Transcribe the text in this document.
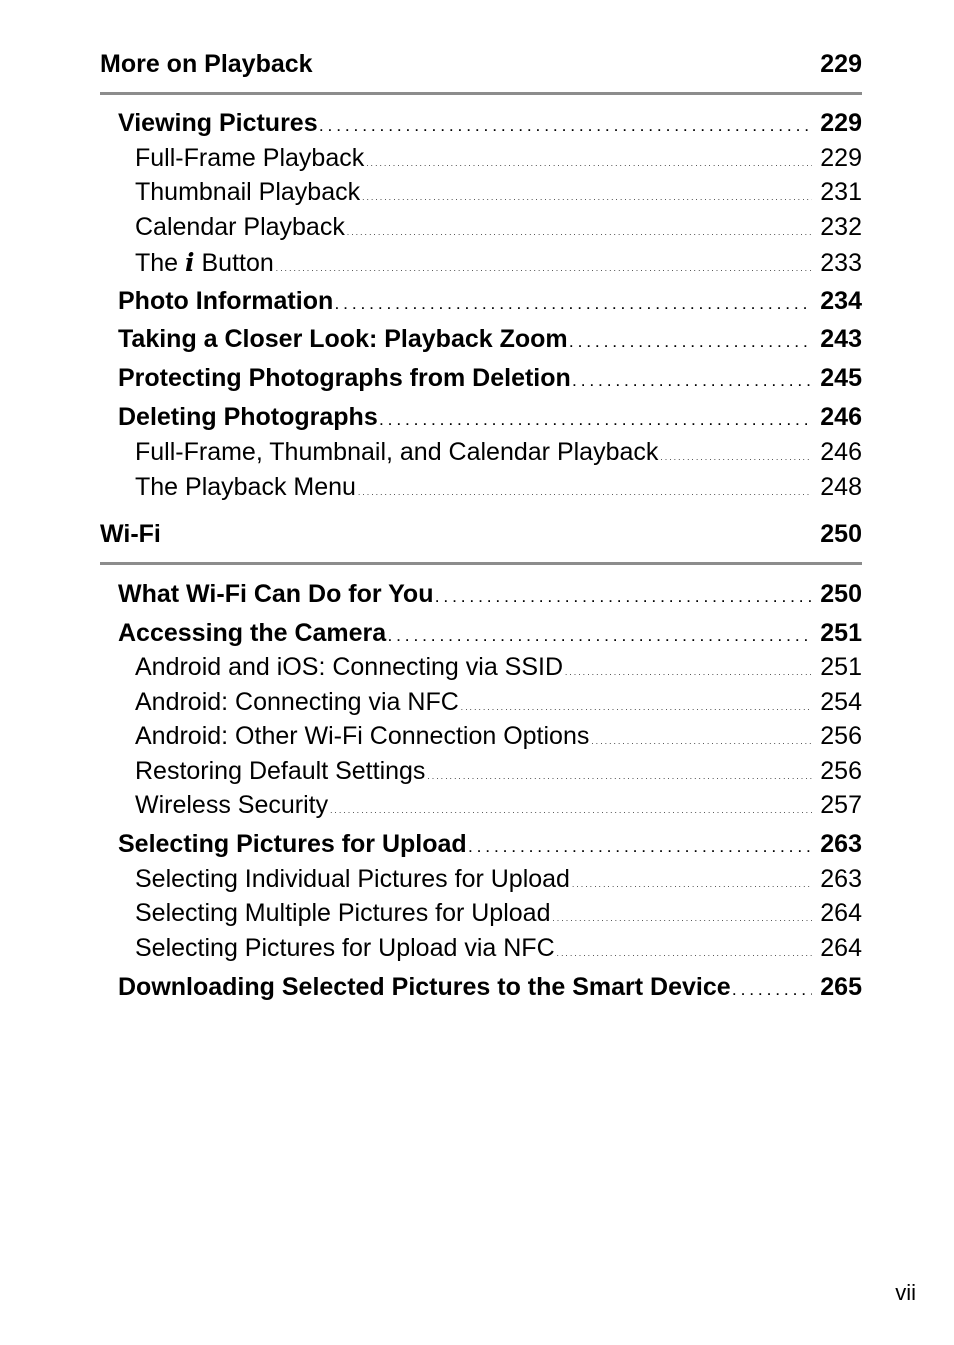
More on Playback	229
Viewing Pictures . . .	229
Full-Frame Playback . . .	229
Thumbnail Playback . . .	231
Calendar Playback . . .	232
The i Button . . .	233
Photo Information . . .	234
Taking a Closer Look: Playback Zoom . . .	243
Protecting Photographs from Deletion . . .	245
Deleting Photographs . . .	246
Full-Frame, Thumbnail, and Calendar Playback . . .	246
The Playback Menu . . .	248
Wi-Fi	250
What Wi-Fi Can Do for You . . .	250
Accessing the Camera . . .	251
Android and iOS: Connecting via SSID . . .	251
Android: Connecting via NFC . . .	254
Android: Other Wi-Fi Connection Options . . .	256
Restoring Default Settings . . .	256
Wireless Security . . .	257
Selecting Pictures for Upload . . .	263
Selecting Individual Pictures for Upload . . .	263
Selecting Multiple Pictures for Upload . . .	264
Selecting Pictures for Upload via NFC . . .	264
Downloading Selected Pictures to the Smart Device . . .	265
vii
